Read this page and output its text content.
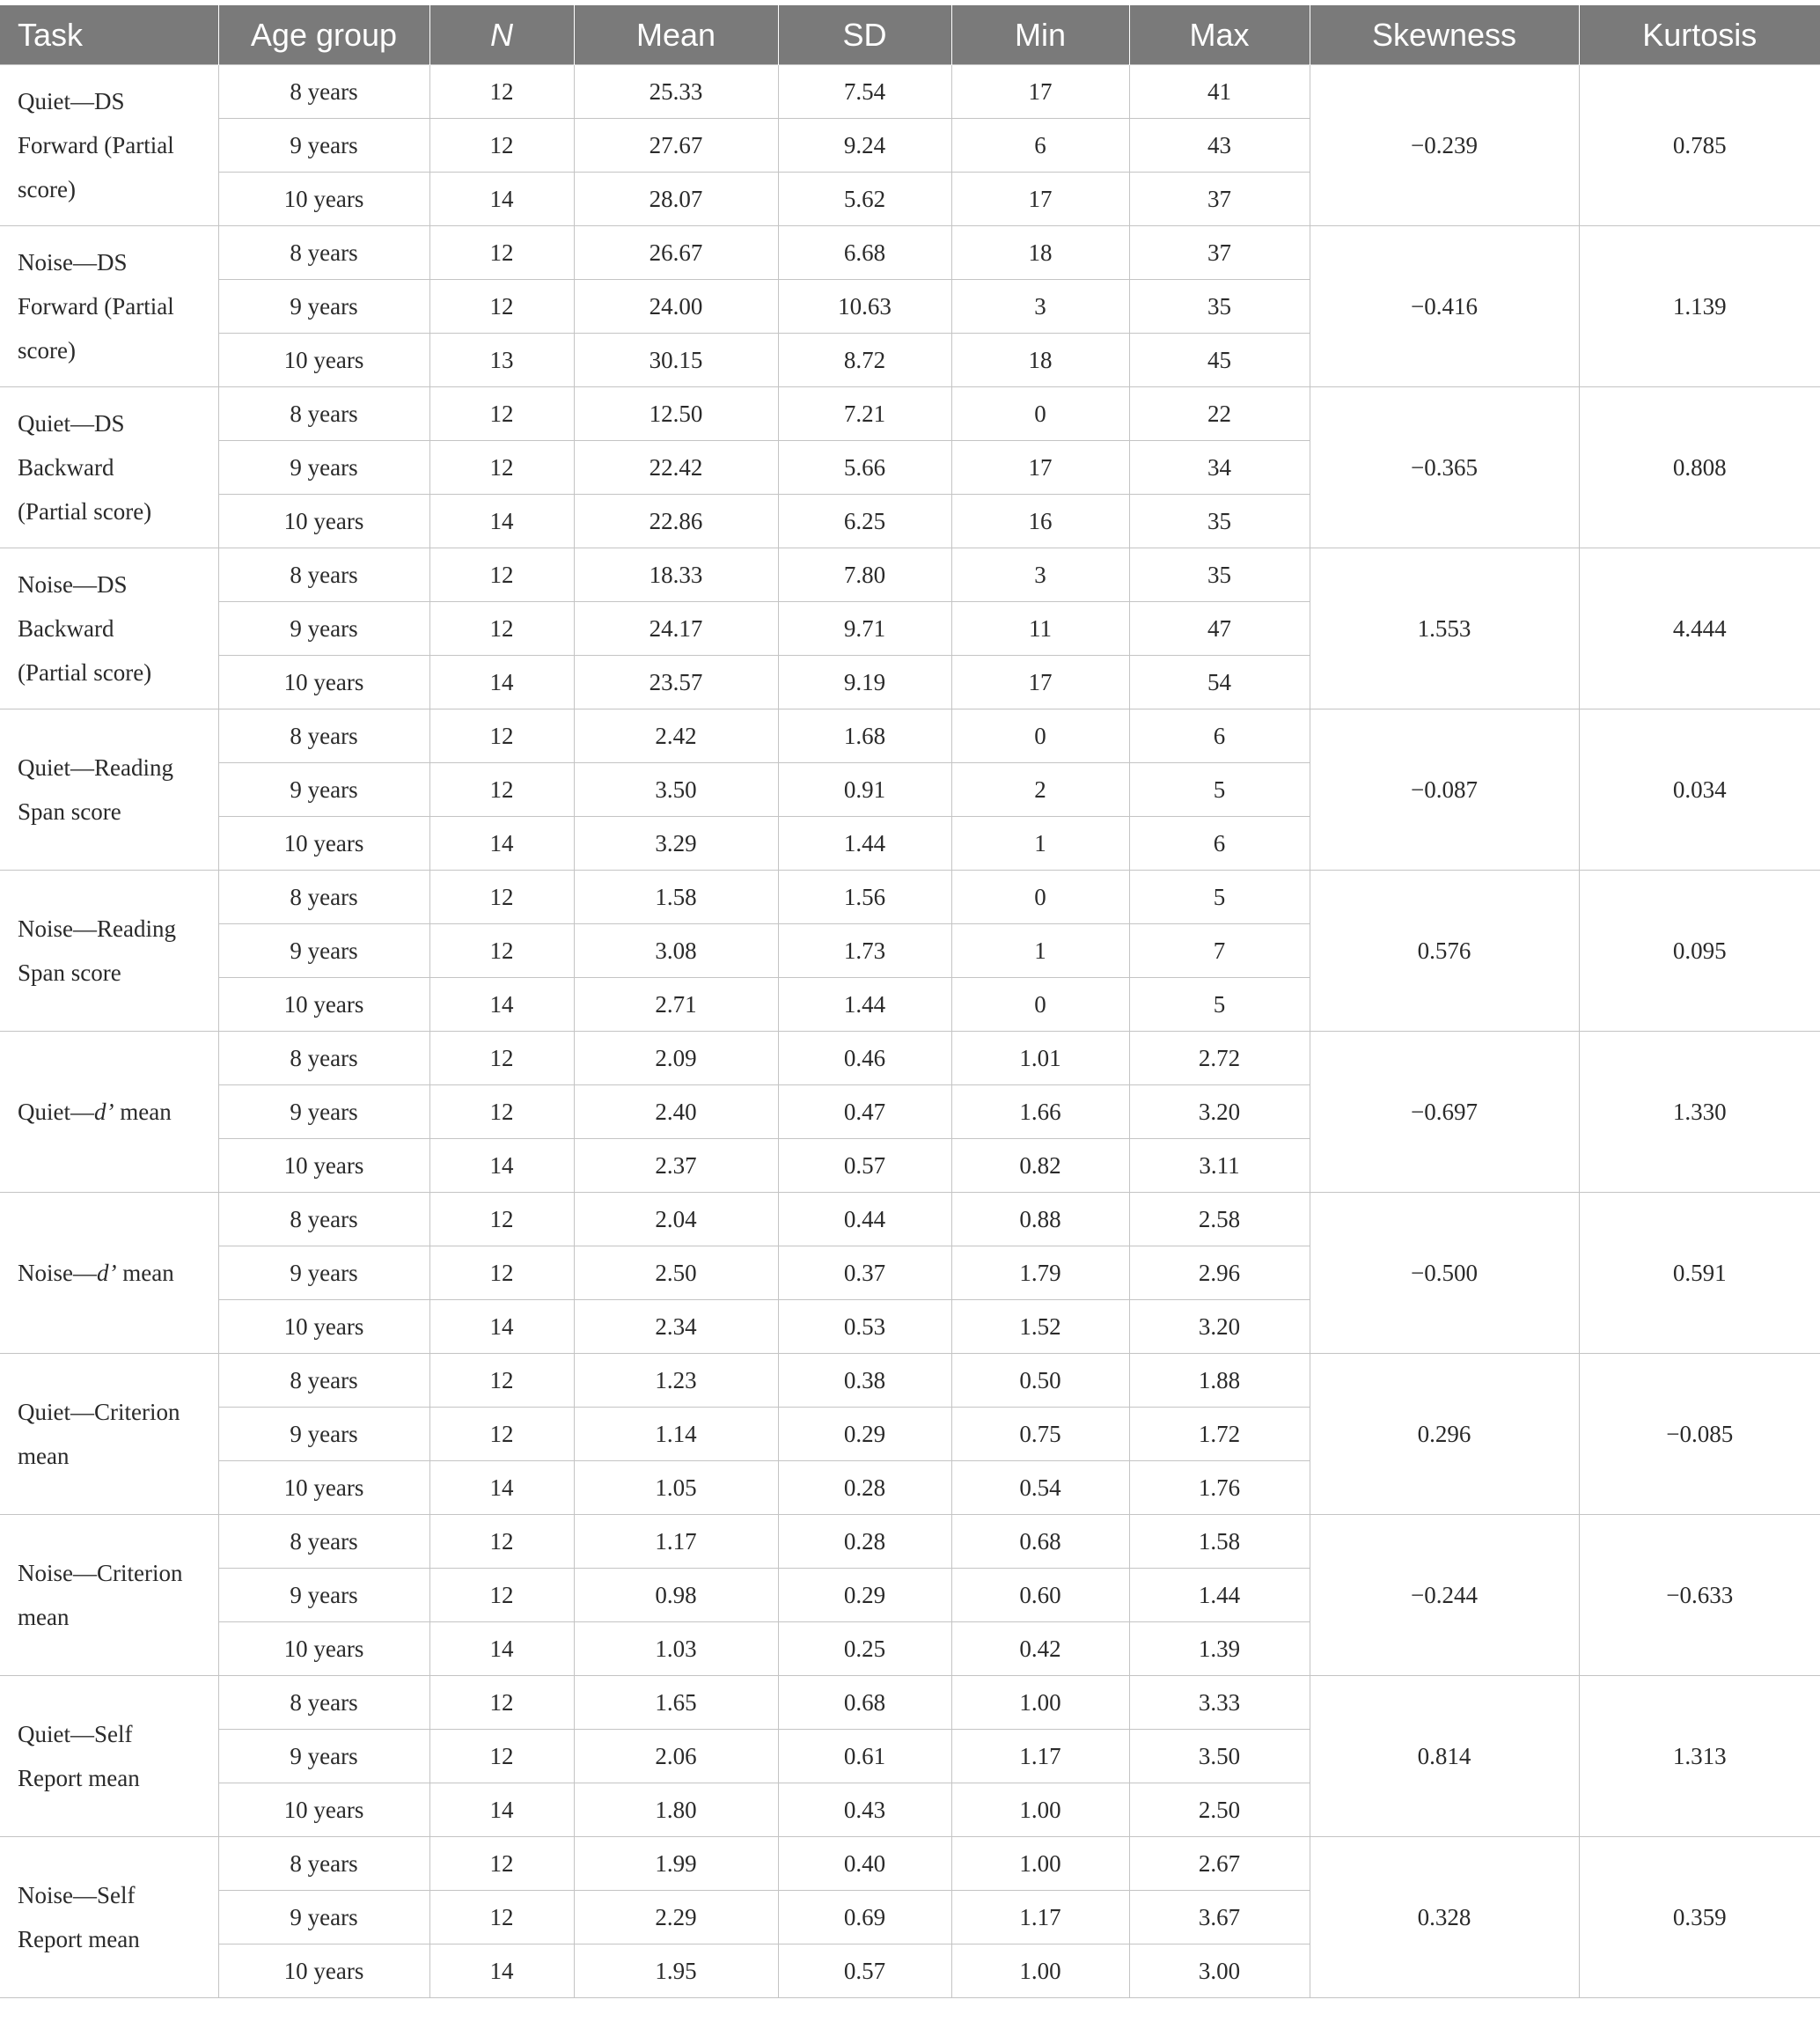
Task	Age group	N	Mean	SD	Min	Max	Skewness	Kurtosis
Quiet—DS
Forward (Partial
score)	8 years	12	25.33	7.54	17	41	−0.239	0.785
	9 years	12	27.67	9.24	6	43		
	10 years	14	28.07	5.62	17	37		
Noise—DS
Forward (Partial
score)	8 years	12	26.67	6.68	18	37	−0.416	1.139
	9 years	12	24.00	10.63	3	35		
	10 years	13	30.15	8.72	18	45		
Quiet—DS
Backward
(Partial score)	8 years	12	12.50	7.21	0	22	−0.365	0.808
	9 years	12	22.42	5.66	17	34		
	10 years	14	22.86	6.25	16	35		
Noise—DS
Backward
(Partial score)	8 years	12	18.33	7.80	3	35	1.553	4.444
	9 years	12	24.17	9.71	11	47		
	10 years	14	23.57	9.19	17	54		
Quiet—Reading
Span score	8 years	12	2.42	1.68	0	6	−0.087	0.034
	9 years	12	3.50	0.91	2	5		
	10 years	14	3.29	1.44	1	6		
Noise—Reading
Span score	8 years	12	1.58	1.56	0	5	0.576	0.095
	9 years	12	3.08	1.73	1	7		
	10 years	14	2.71	1.44	0	5		
Quiet—d’ mean	8 years	12	2.09	0.46	1.01	2.72	−0.697	1.330
	9 years	12	2.40	0.47	1.66	3.20		
	10 years	14	2.37	0.57	0.82	3.11		
Noise—d’ mean	8 years	12	2.04	0.44	0.88	2.58	−0.500	0.591
	9 years	12	2.50	0.37	1.79	2.96		
	10 years	14	2.34	0.53	1.52	3.20		
Quiet—Criterion
mean	8 years	12	1.23	0.38	0.50	1.88	0.296	−0.085
	9 years	12	1.14	0.29	0.75	1.72		
	10 years	14	1.05	0.28	0.54	1.76		
Noise—Criterion
mean	8 years	12	1.17	0.28	0.68	1.58	−0.244	−0.633
	9 years	12	0.98	0.29	0.60	1.44		
	10 years	14	1.03	0.25	0.42	1.39		
Quiet—Self
Report mean	8 years	12	1.65	0.68	1.00	3.33	0.814	1.313
	9 years	12	2.06	0.61	1.17	3.50		
	10 years	14	1.80	0.43	1.00	2.50		
Noise—Self
Report mean	8 years	12	1.99	0.40	1.00	2.67	0.328	0.359
	9 years	12	2.29	0.69	1.17	3.67		
	10 years	14	1.95	0.57	1.00	3.00		
